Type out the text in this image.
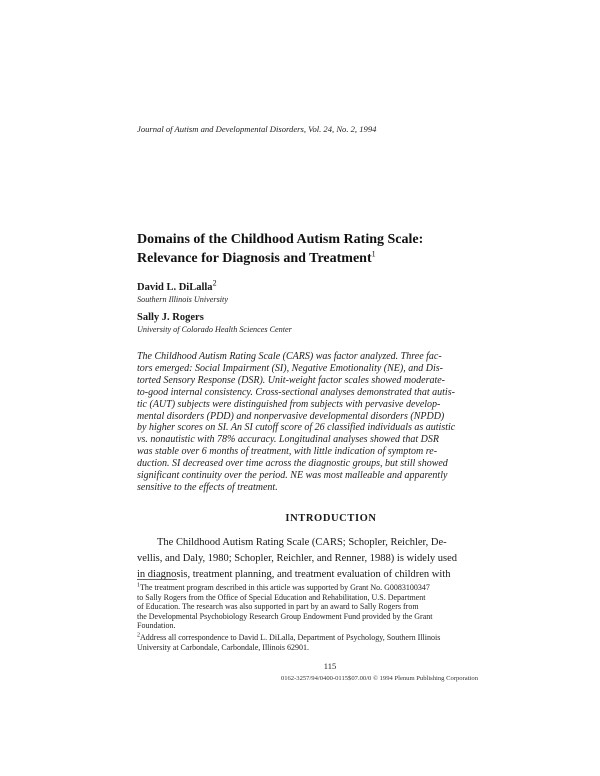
Journal of Autism and Developmental Disorders, Vol. 24, No. 2, 1994
Domains of the Childhood Autism Rating Scale:
Relevance for Diagnosis and Treatment$^1$
David L. DiLalla$^2$
Southern Illinois University
Sally J. Rogers
University of Colorado Health Sciences Center
The Childhood Autism Rating Scale (CARS) was factor analyzed. Three fac-
tors emerged: Social Impairment (SI), Negative Emotionality (NE), and Dis-
torted Sensory Response (DSR). Unit-weight factor scales showed moderate-
to-good internal consistency. Cross-sectional analyses demonstrated that autis-
tic (AUT) subjects were distinguished from subjects with pervasive develop-
mental disorders (PDD) and nonpervasive developmental disorders (NPDD)
by higher scores on SI. An SI cutoff score of 26 classified individuals as autistic
vs. nonautistic with 78% accuracy. Longitudinal analyses showed that DSR
was stable over 6 months of treatment, with little indication of symptom re-
duction. SI decreased over time across the diagnostic groups, but still showed
significant continuity over the period. NE was most malleable and apparently
sensitive to the effects of treatment.
INTRODUCTION
The Childhood Autism Rating Scale (CARS; Schopler, Reichler, De-
vellis, and Daly, 1980; Schopler, Reichler, and Renner, 1988) is widely used
in diagnosis, treatment planning, and treatment evaluation of children with
$^1$The treatment program described in this article was supported by Grant No. G0083100347
to Sally Rogers from the Office of Special Education and Rehabilitation, U.S. Department
of Education. The research was also supported in part by an award to Sally Rogers from
the Developmental Psychobiology Research Group Endowment Fund provided by the Grant
Foundation.
$^2$Address all correspondence to David L. DiLalla, Department of Psychology, Southern Illinois
University at Carbondale, Carbondale, Illinois 62901.
115
0162-3257/94/0400-0115$07.00/0 © 1994 Plenum Publishing Corporation
